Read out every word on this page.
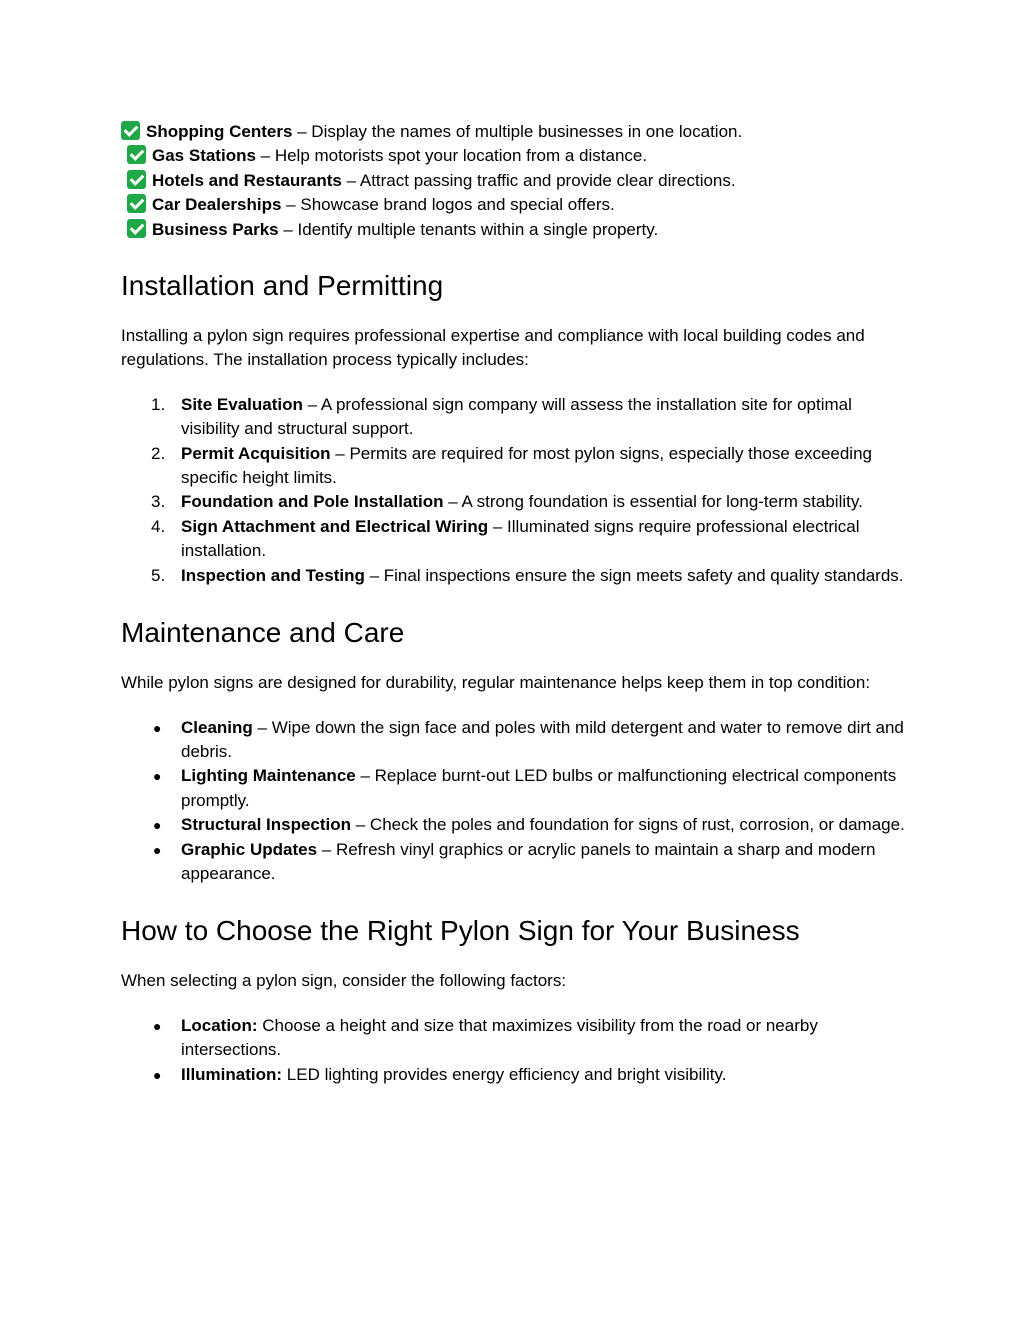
Shopping Centers – Display the names of multiple businesses in one location.
Gas Stations – Help motorists spot your location from a distance.
Hotels and Restaurants – Attract passing traffic and provide clear directions.
Car Dealerships – Showcase brand logos and special offers.
Business Parks – Identify multiple tenants within a single property.
Installation and Permitting

Installing a pylon sign requires professional expertise and compliance with local building codes and regulations. The installation process typically includes:

1. Site Evaluation – A professional sign company will assess the installation site for optimal visibility and structural support.
2. Permit Acquisition – Permits are required for most pylon signs, especially those exceeding specific height limits.
3. Foundation and Pole Installation – A strong foundation is essential for long-term stability.
4. Sign Attachment and Electrical Wiring – Illuminated signs require professional electrical installation.
5. Inspection and Testing – Final inspections ensure the sign meets safety and quality standards.
Maintenance and Care

While pylon signs are designed for durability, regular maintenance helps keep them in top condition:

● Cleaning – Wipe down the sign face and poles with mild detergent and water to remove dirt and debris.
● Lighting Maintenance – Replace burnt-out LED bulbs or malfunctioning electrical components promptly.
● Structural Inspection – Check the poles and foundation for signs of rust, corrosion, or damage.
● Graphic Updates – Refresh vinyl graphics or acrylic panels to maintain a sharp and modern appearance.
How to Choose the Right Pylon Sign for Your Business

When selecting a pylon sign, consider the following factors:

● Location: Choose a height and size that maximizes visibility from the road or nearby intersections.
● Illumination: LED lighting provides energy efficiency and bright visibility.
